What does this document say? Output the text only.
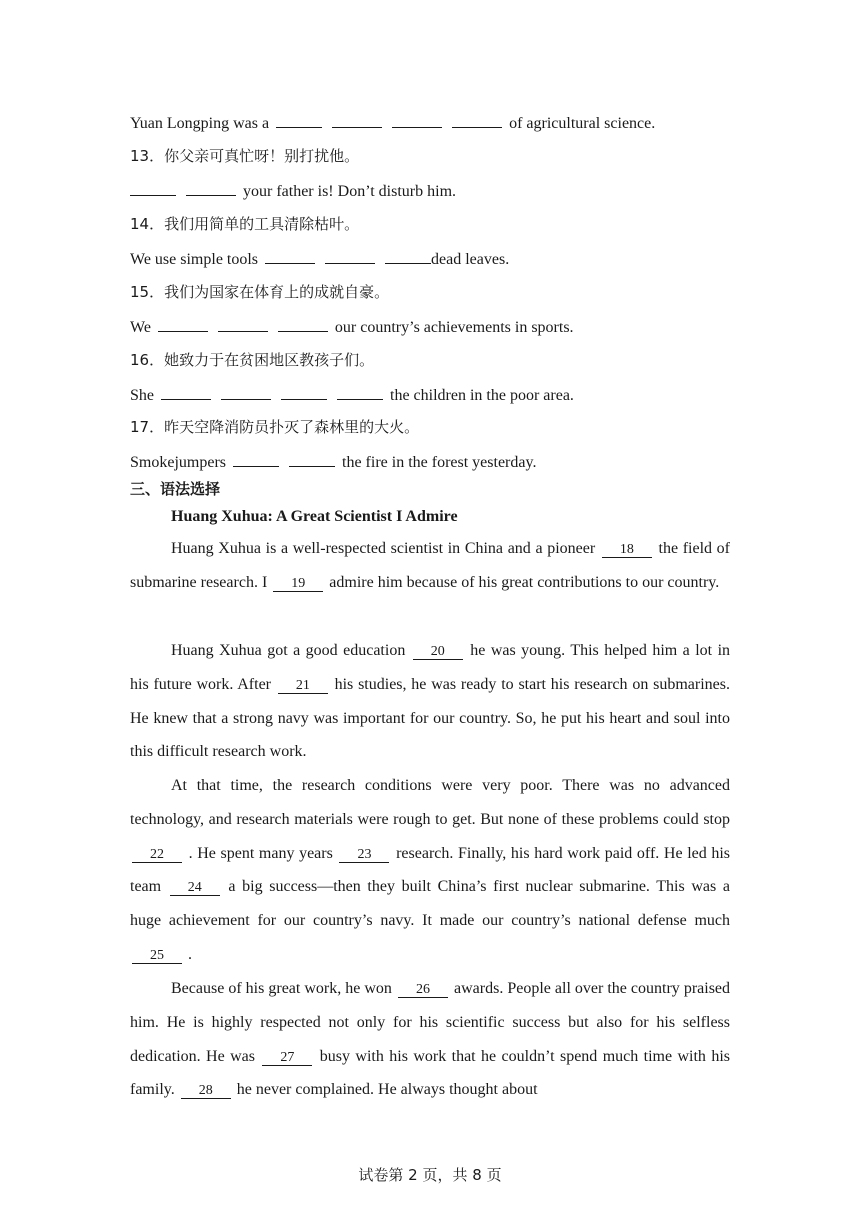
Yuan Longping was a	of agricultural science.
13．你父亲可真忙呀！别打扰他。
your father is! Don’t disturb him.
14．我们用简单的工具清除枯叶。
We use simple tools	dead leaves.
15．我们为国家在体育上的成就自豪。
We	our country’s achievements in sports.
16．她致力于在贫困地区教孩子们。
She	the children in the poor area.
17．昨天空降消防员扑灭了森林里的大火。
Smokejumpers	the fire in the forest yesterday.
三、语法选择
Huang Xuhua: A Great Scientist I Admire

Huang Xuhua is a well-respected scientist in China and a pioneer 18 the field of submarine research. I 19 admire him because of his great contributions to our country.

Huang Xuhua got a good education 20 he was young. This helped him a lot in his future work. After 21 his studies, he was ready to start his research on submarines. He knew that a strong navy was important for our country. So, he put his heart and soul into this difficult research work.

At that time, the research conditions were very poor. There was no advanced technology, and research materials were rough to get. But none of these problems could stop 22 . He spent many years 23 research. Finally, his hard work paid off. He led his team 24 a big success—then they built China’s first nuclear submarine. This was a huge achievement for our country’s navy. It made our country’s national defense much 25 .

Because of his great work, he won 26 awards. People all over the country praised him. He is highly respected not only for his scientific success but also for his selfless dedication. He was 27 busy with his work that he couldn’t spend much time with his family. 28 he never complained. He always thought about

试卷第 2 页，共 8 页
